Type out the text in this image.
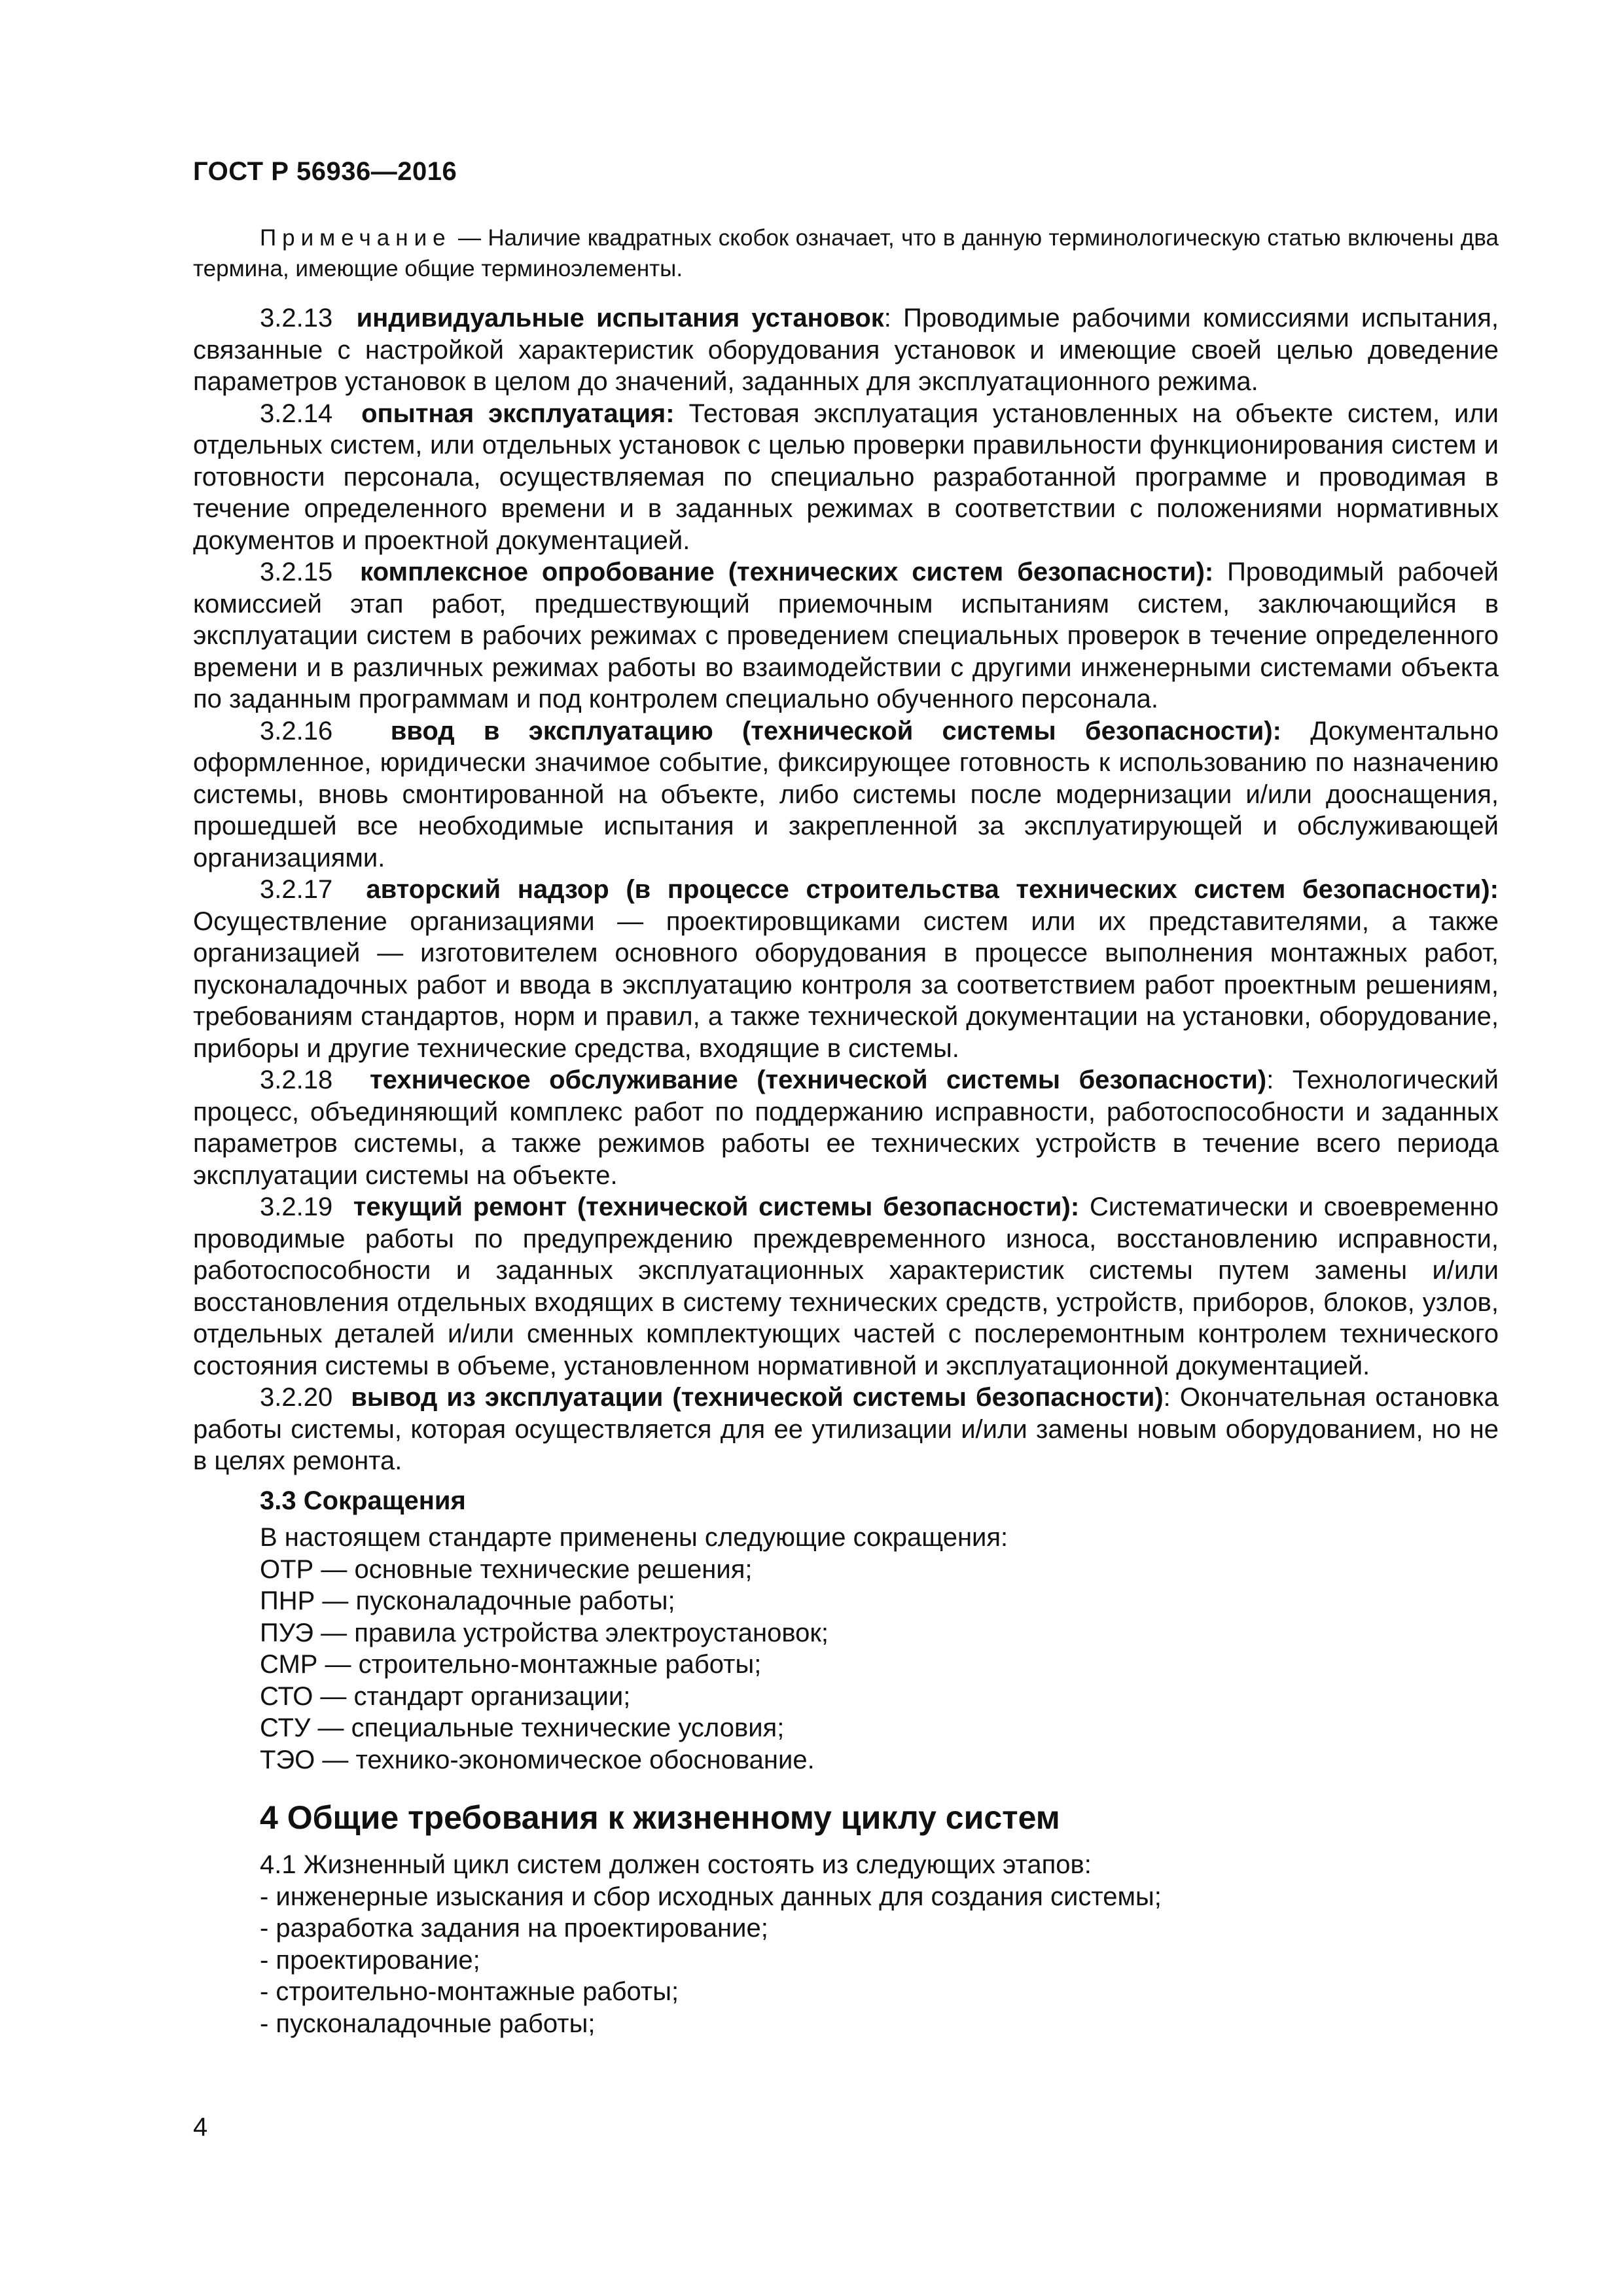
ГОСТ Р 56936—2016
Примечание — Наличие квадратных скобок означает, что в данную терминологическую статью включены два термина, имеющие общие терминоэлементы.

3.2.13 индивидуальные испытания установок: Проводимые рабочими комиссиями испытания, связанные с настройкой характеристик оборудования установок и имеющие своей целью доведение параметров установок в целом до значений, заданных для эксплуатационного режима.

3.2.14 опытная эксплуатация: Тестовая эксплуатация установленных на объекте систем, или отдельных систем, или отдельных установок с целью проверки правильности функционирования систем и готовности персонала, осуществляемая по специально разработанной программе и проводимая в течение определенного времени и в заданных режимах в соответствии с положениями нормативных документов и проектной документацией.

3.2.15 комплексное опробование (технических систем безопасности): Проводимый рабочей комиссией этап работ, предшествующий приемочным испытаниям систем, заключающийся в эксплуатации систем в рабочих режимах с проведением специальных проверок в течение определенного времени и в различных режимах работы во взаимодействии с другими инженерными системами объекта по заданным программам и под контролем специально обученного персонала.

3.2.16 ввод в эксплуатацию (технической системы безопасности): Документально оформленное, юридически значимое событие, фиксирующее готовность к использованию по назначению системы, вновь смонтированной на объекте, либо системы после модернизации и/или дооснащения, прошедшей все необходимые испытания и закрепленной за эксплуатирующей и обслуживающей организациями.

3.2.17 авторский надзор (в процессе строительства технических систем безопасности): Осуществление организациями — проектировщиками систем или их представителями, а также организацией — изготовителем основного оборудования в процессе выполнения монтажных работ, пусконаладочных работ и ввода в эксплуатацию контроля за соответствием работ проектным решениям, требованиям стандартов, норм и правил, а также технической документации на установки, оборудование, приборы и другие технические средства, входящие в системы.

3.2.18 техническое обслуживание (технической системы безопасности): Технологический процесс, объединяющий комплекс работ по поддержанию исправности, работоспособности и заданных параметров системы, а также режимов работы ее технических устройств в течение всего периода эксплуатации системы на объекте.

3.2.19 текущий ремонт (технической системы безопасности): Систематически и своевременно проводимые работы по предупреждению преждевременного износа, восстановлению исправности, работоспособности и заданных эксплуатационных характеристик системы путем замены и/или восстановления отдельных входящих в систему технических средств, устройств, приборов, блоков, узлов, отдельных деталей и/или сменных комплектующих частей с послеремонтным контролем технического состояния системы в объеме, установленном нормативной и эксплуатационной документацией.

3.2.20 вывод из эксплуатации (технической системы безопасности): Окончательная остановка работы системы, которая осуществляется для ее утилизации и/или замены новым оборудованием, но не в целях ремонта.

3.3 Сокращения

В настоящем стандарте применены следующие сокращения:

ОТР — основные технические решения;

ПНР — пусконаладочные работы;

ПУЭ — правила устройства электроустановок;

СМР — строительно-монтажные работы;

СТО — стандарт организации;

СТУ — специальные технические условия;

ТЭО — технико-экономическое обоснование.

4 Общие требования к жизненному циклу систем

4.1 Жизненный цикл систем должен состоять из следующих этапов:

- инженерные изыскания и сбор исходных данных для создания системы;

- разработка задания на проектирование;

- проектирование;

- строительно-монтажные работы;

- пусконаладочные работы;

4
